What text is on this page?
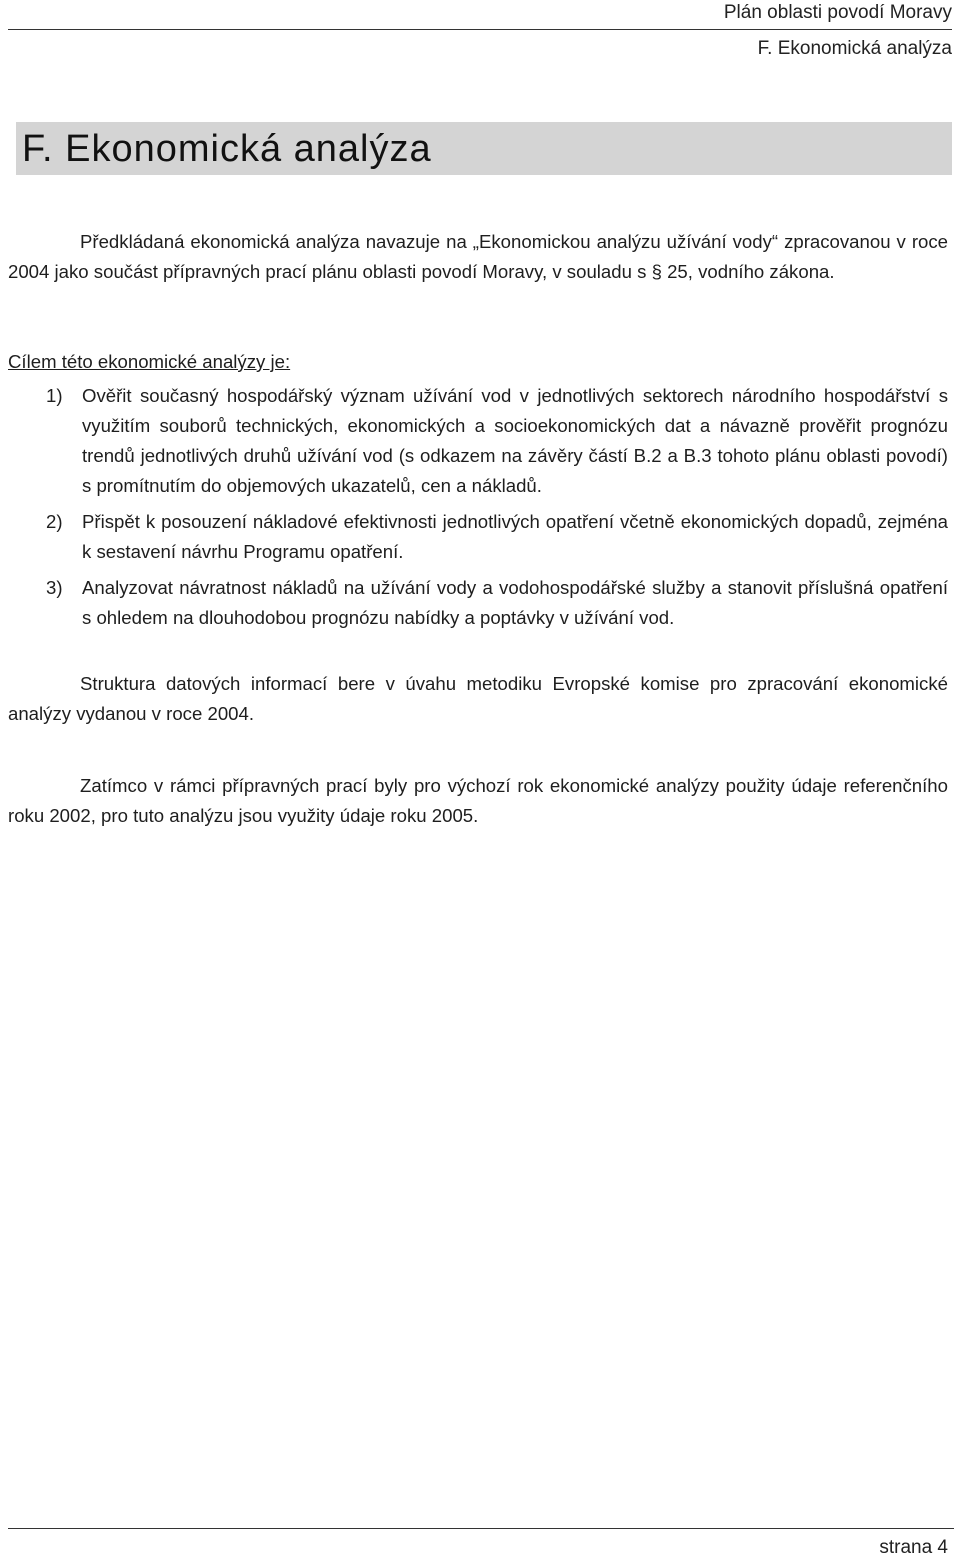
Plán oblasti povodí Moravy
F. Ekonomická analýza
F. Ekonomická analýza

Předkládaná ekonomická analýza navazuje na „Ekonomickou analýzu užívání vody“ zpracovanou v roce 2004 jako součást přípravných prací plánu oblasti povodí Moravy, v souladu s § 25, vodního zákona.

Cílem této ekonomické analýzy je:

1) Ověřit současný hospodářský význam užívání vod v jednotlivých sektorech národního hospodářství s využitím souborů technických, ekonomických a socioekonomických dat a návazně prověřit prognózu trendů jednotlivých druhů užívání vod (s odkazem na závěry částí B.2 a B.3 tohoto plánu oblasti povodí) s promítnutím do objemových ukazatelů, cen a nákladů.
2) Přispět k posouzení nákladové efektivnosti jednotlivých opatření včetně ekonomických dopadů, zejména k sestavení návrhu Programu opatření.
3) Analyzovat návratnost nákladů na užívání vody a vodohospodářské služby a stanovit příslušná opatření s ohledem na dlouhodobou prognózu nabídky a poptávky v užívání vod.

Struktura datových informací bere v úvahu metodiku Evropské komise pro zpracování ekonomické analýzy vydanou v roce 2004.

Zatímco v rámci přípravných prací byly pro výchozí rok ekonomické analýzy použity údaje referenčního roku 2002, pro tuto analýzu jsou využity údaje roku 2005.

strana 4
